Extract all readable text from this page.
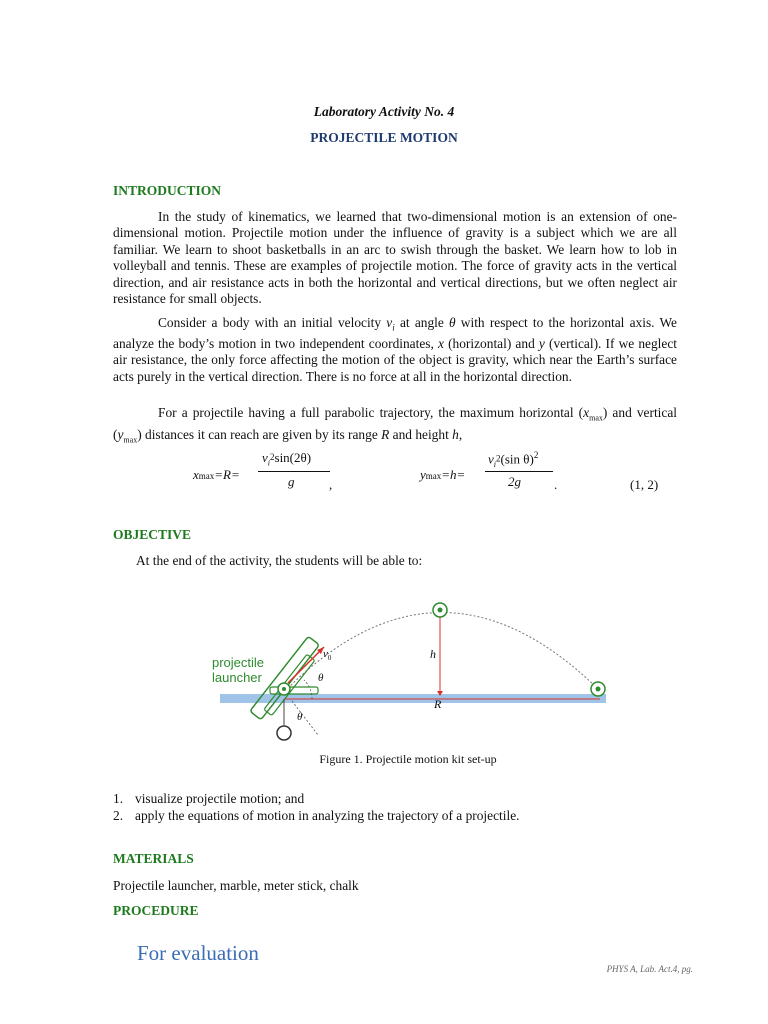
Laboratory Activity No. 4
PROJECTILE MOTION
INTRODUCTION

In the study of kinematics, we learned that two-dimensional motion is an extension of one-dimensional motion. Projectile motion under the influence of gravity is a subject which we are all familiar. We learn to shoot basketballs in an arc to swish through the basket. We learn how to lob in volleyball and tennis. These are examples of projectile motion. The force of gravity acts in the vertical direction, and air resistance acts in both the horizontal and vertical directions, but we often neglect air resistance for small objects.

Consider a body with an initial velocity $v_i$ at angle θ with respect to the horizontal axis. We analyze the body’s motion in two independent coordinates, x (horizontal) and y (vertical). If we neglect air resistance, the only force affecting the motion of the object is gravity, which near the Earth’s surface acts purely in the vertical direction. There is no force at all in the horizontal direction.

For a projectile having a full parabolic trajectory, the maximum horizontal $(x_{max})$ and vertical $(y_{max})$ distances it can reach are given by its range R and height h,

xmax=R=
$v_i2\sin(2\theta)$
g	,
ymax=h=
$v_i2(\sin$ θ)$^2$
2g	.	(1, 2)
OBJECTIVE
At the end of the activity, the students will be able to:
projectile
launcher
$v_0$	h
R
θ
θ
Figure 1. Projectile motion kit set-up
1. visualize projectile motion; and
2. apply the equations of motion in analyzing the trajectory of a projectile.
MATERIALS
Projectile launcher, marble, meter stick, chalk
PROCEDURE
For evaluation
PHYS A, Lab. Act.4, pg.
